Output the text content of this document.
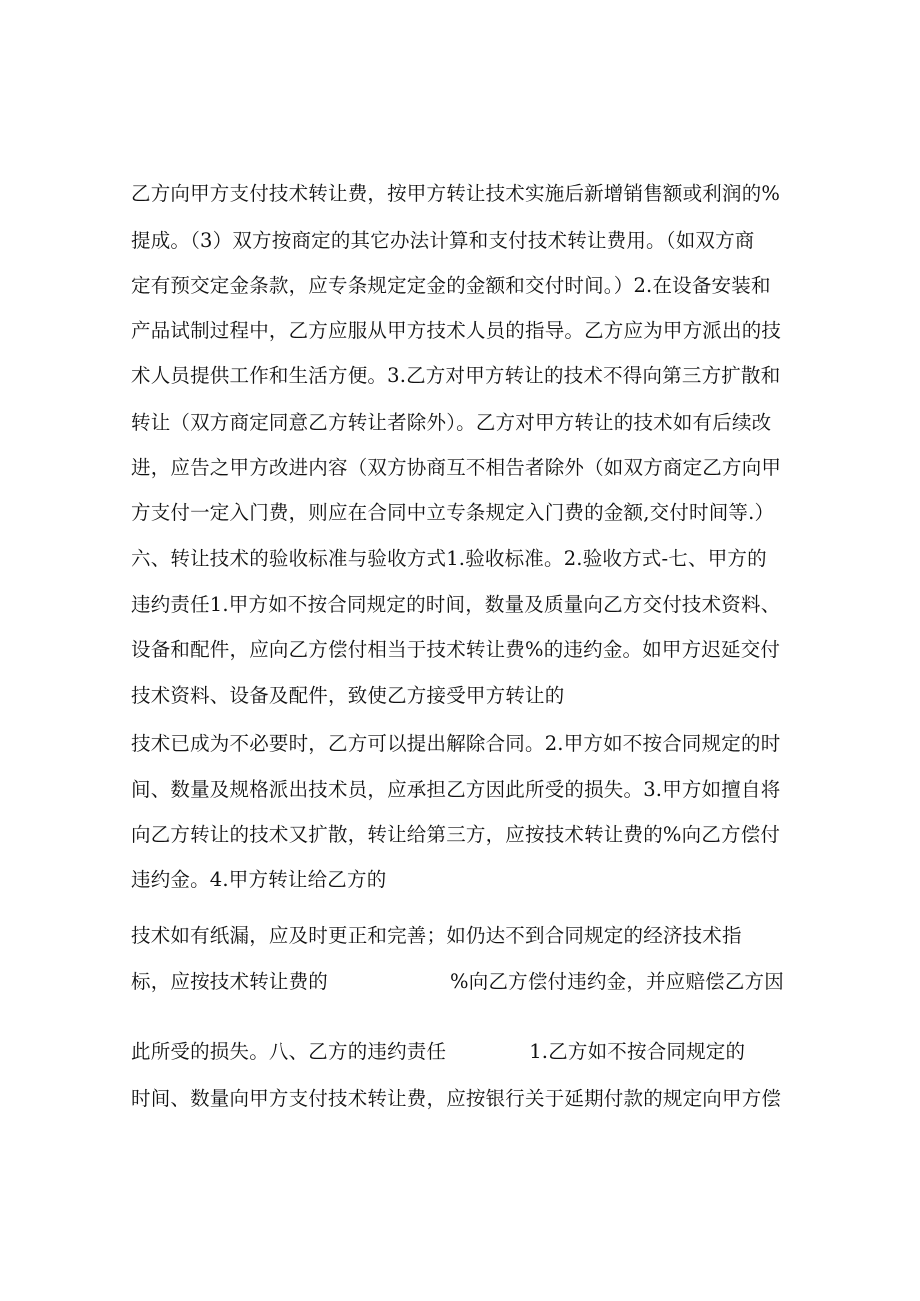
乙方向甲方支付技术转让费，按甲方转让技术实施后新增销售额或利润的%
提成。（3）双方按商定的其它办法计算和支付技术转让费用。（如双方商
定有预交定金条款，应专条规定定金的金额和交付时间。）2.在设备安装和
产品试制过程中，乙方应服从甲方技术人员的指导。乙方应为甲方派出的技
术人员提供工作和生活方便。3.乙方对甲方转让的技术不得向第三方扩散和
转让（双方商定同意乙方转让者除外）。乙方对甲方转让的技术如有后续改
进，应告之甲方改进内容（双方协商互不相告者除外（如双方商定乙方向甲
方支付一定入门费，则应在合同中立专条规定入门费的金额,交付时间等.）
六、转让技术的验收标准与验收方式1.验收标准。2.验收方式-七、甲方的
违约责任1.甲方如不按合同规定的时间，数量及质量向乙方交付技术资料、
设备和配件，应向乙方偿付相当于技术转让费%的违约金。如甲方迟延交付
技术资料、设备及配件，致使乙方接受甲方转让的
技术已成为不必要时，乙方可以提出解除合同。2.甲方如不按合同规定的时
间、数量及规格派出技术员，应承担乙方因此所受的损失。3.甲方如擅自将
向乙方转让的技术又扩散，转让给第三方，应按技术转让费的%向乙方偿付
违约金。4.甲方转让给乙方的
技术如有纸漏，应及时更正和完善；如仍达不到合同规定的经济技术指
标，应按技术转让费的	%向乙方偿付违约金，并应赔偿乙方因
此所受的损失。八、乙方的违约责任	1.乙方如不按合同规定的
时间、数量向甲方支付技术转让费，应按银行关于延期付款的规定向甲方偿
